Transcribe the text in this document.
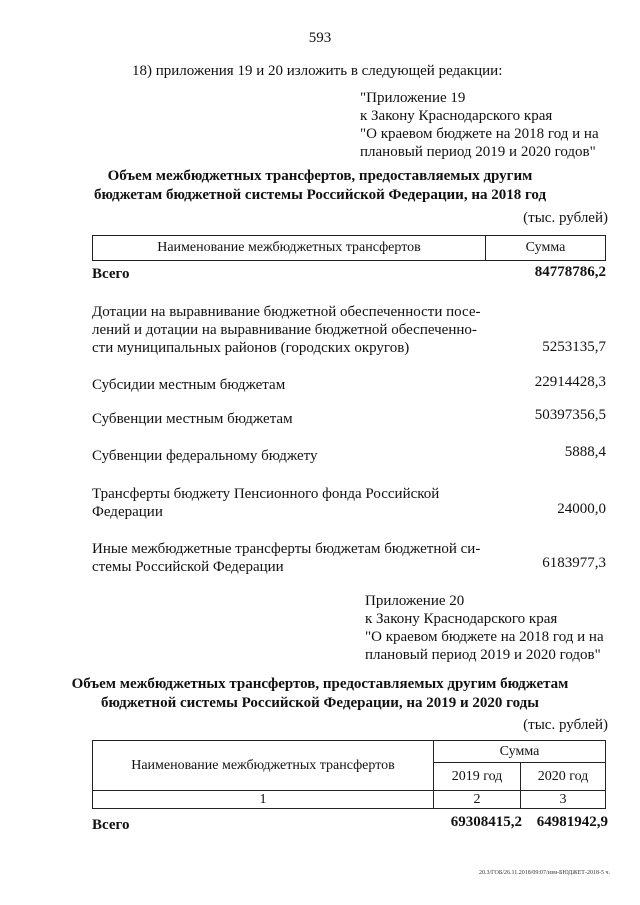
593
18) приложения 19 и 20 изложить в следующей редакции:
"Приложение 19
к Закону Краснодарского края
"О краевом бюджете на 2018 год и на
плановый период 2019 и 2020 годов"
Объем межбюджетных трансфертов, предоставляемых другим
бюджетам бюджетной системы Российской Федерации, на 2018 год
(тыс. рублей)
Наименование межбюджетных трансфертов	Сумма
Всего	84778786,2
Дотации на выравнивание бюджетной обеспеченности посе-
лений и дотации на выравнивание бюджетной обеспеченно-
сти муниципальных районов (городских округов)	5253135,7
Субсидии местным бюджетам	22914428,3
Субвенции местным бюджетам	50397356,5
Субвенции федеральному бюджету	5888,4
Трансферты бюджету Пенсионного фонда Российской
Федерации	24000,0
Иные межбюджетные трансферты бюджетам бюджетной си-
стемы Российской Федерации	6183977,3
Приложение 20
к Закону Краснодарского края
"О краевом бюджете на 2018 год и на
плановый период 2019 и 2020 годов"
Объем межбюджетных трансфертов, предоставляемых другим бюджетам
бюджетной системы Российской Федерации, на 2019 и 2020 годы
(тыс. рублей)
Наименование межбюджетных трансфертов	Сумма	
	2019 год	2020 год
1	2	3
Всего	69308415,2 64981942,9
20.3/ГОБ/26.11.2018/09:07/изм-БЮДЖЕТ-2018-5 ч.
